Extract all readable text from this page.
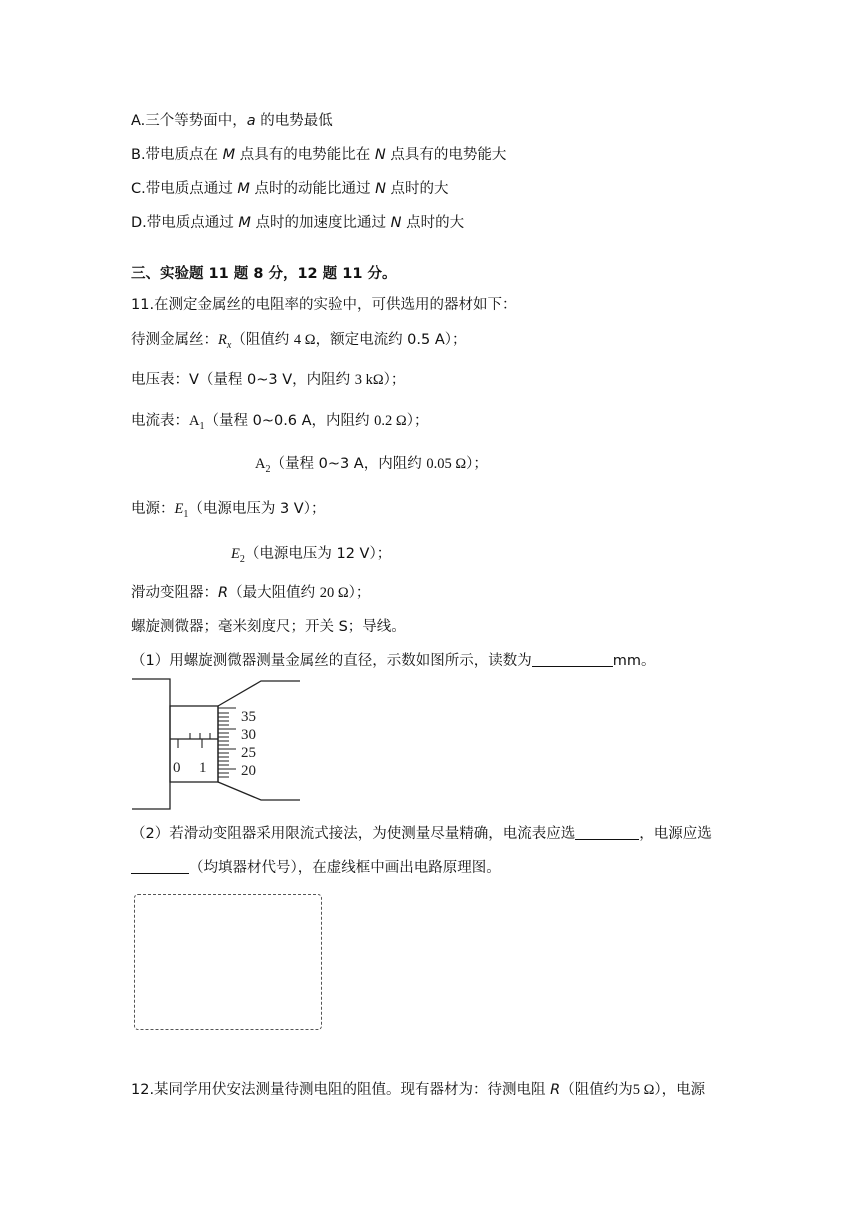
A.三个等势面中，a 的电势最低
B.带电质点在 M 点具有的电势能比在 N 点具有的电势能大
C.带电质点通过 M 点时的动能比通过 N 点时的大
D.带电质点通过 M 点时的加速度比通过 N 点时的大
三、实验题 11 题 8 分，12 题 11 分。
11.在测定金属丝的电阻率的实验中，可供选用的器材如下：
待测金属丝：$R_x$（阻值约 4 Ω，额定电流约 0.5 A）；
电压表：V（量程 0~3 V，内阻约 3 kΩ）；
电流表：$A_1$（量程 0~0.6 A，内阻约 0.2 Ω）；
$A_2$（量程 0~3 A，内阻约 0.05 Ω）；
电源：$E_1$（电源电压为 3 V）；
$E_2$（电源电压为 12 V）；
滑动变阻器：R（最大阻值约 20 Ω）；
螺旋测微器；毫米刻度尺；开关 S；导线。
（1）用螺旋测微器测量金属丝的直径，示数如图所示，读数为	mm。
0 1
35
30
25
20
（2）若滑动变阻器采用限流式接法，为使测量尽量精确，电流表应选	，电源应选
（均填器材代号），在虚线框中画出电路原理图。
12.某同学用伏安法测量待测电阻的阻值。现有器材为：待测电阻 R（阻值约为5 Ω），电源
